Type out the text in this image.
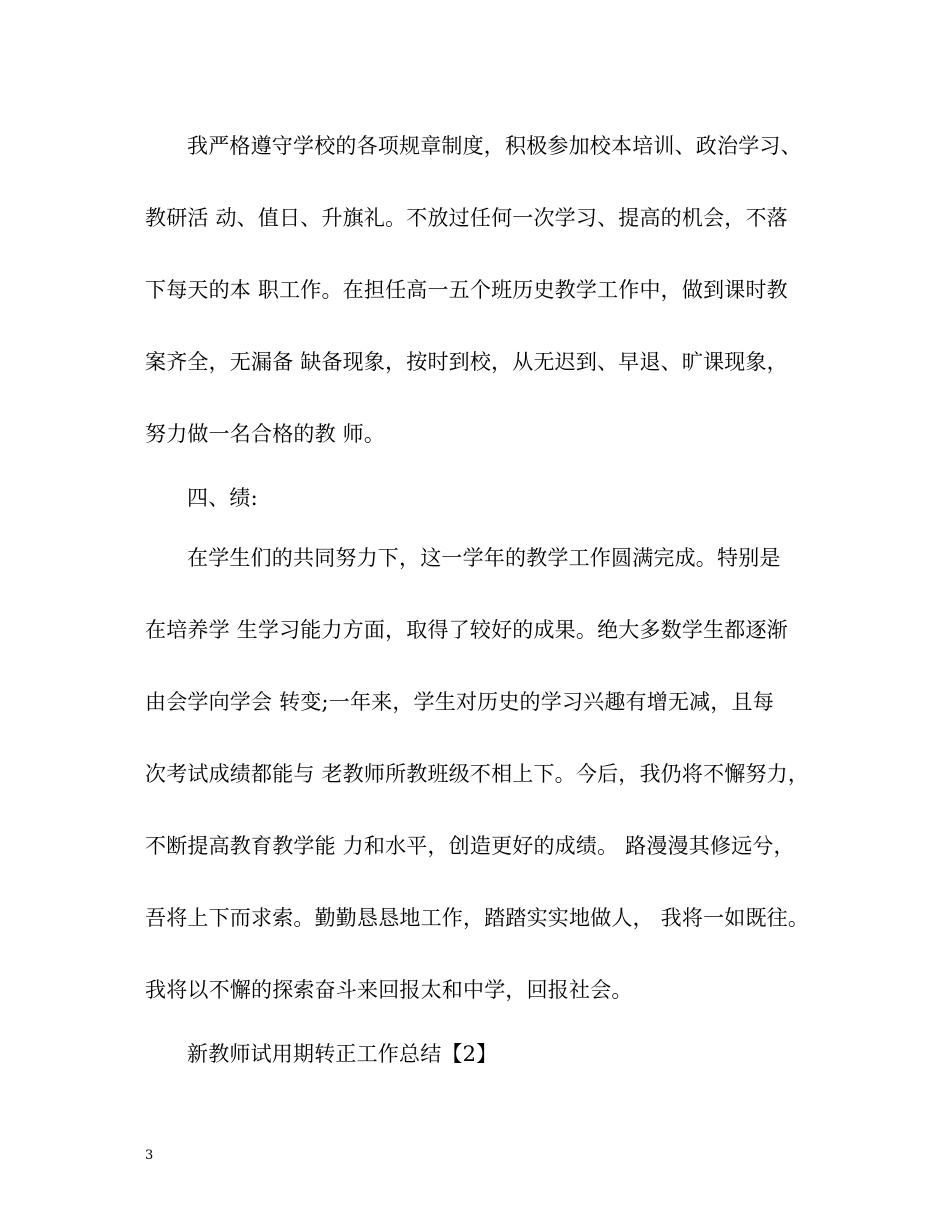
我严格遵守学校的各项规章制度，积极参加校本培训、政治学习、
教研活 动、值日、升旗礼。不放过任何一次学习、提高的机会，不落
下每天的本 职工作。在担任高一五个班历史教学工作中，做到课时教
案齐全，无漏备 缺备现象，按时到校，从无迟到、早退、旷课现象，
努力做一名合格的教 师。
四、绩:
在学生们的共同努力下，这一学年的教学工作圆满完成。特别是
在培养学 生学习能力方面，取得了较好的成果。绝大多数学生都逐渐
由会学向学会 转变;一年来，学生对历史的学习兴趣有增无减，且每
次考试成绩都能与 老教师所教班级不相上下。今后，我仍将不懈努力，
不断提高教育教学能 力和水平，创造更好的成绩。 路漫漫其修远兮，
吾将上下而求索。勤勤恳恳地工作，踏踏实实地做人， 我将一如既往。
我将以不懈的探索奋斗来回报太和中学，回报社会。
新教师试用期转正工作总结【2】
3
